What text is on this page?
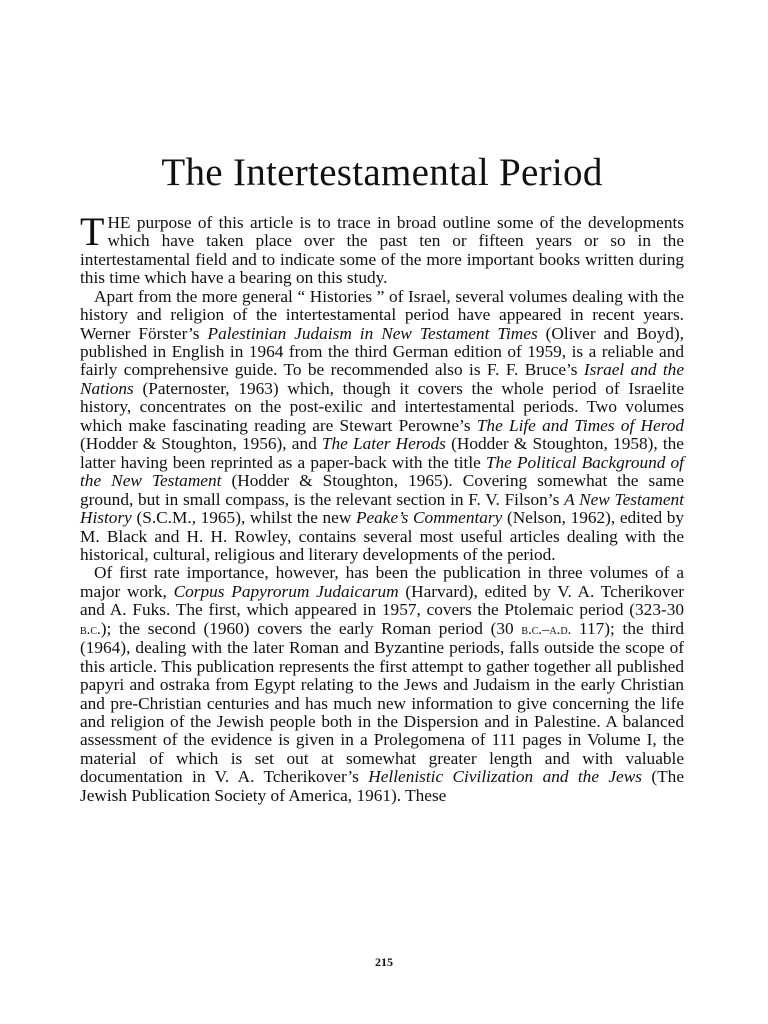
The Intertestamental Period

THE purpose of this article is to trace in broad outline some of the developments which have taken place over the past ten or fifteen years or so in the intertestamental field and to indicate some of the more important books written during this time which have a bearing on this study.

Apart from the more general “ Histories ” of Israel, several volumes dealing with the history and religion of the intertestamental period have appeared in recent years. Werner Förster’s Palestinian Judaism in New Testament Times (Oliver and Boyd), published in English in 1964 from the third German edition of 1959, is a reliable and fairly comprehensive guide. To be recommended also is F. F. Bruce’s Israel and the Nations (Paternoster, 1963) which, though it covers the whole period of Israelite history, concentrates on the post-exilic and intertestamental periods. Two volumes which make fascinating reading are Stewart Perowne’s The Life and Times of Herod (Hodder & Stoughton, 1956), and The Later Herods (Hodder & Stoughton, 1958), the latter having been reprinted as a paper-back with the title The Political Background of the New Testament (Hodder & Stoughton, 1965). Covering somewhat the same ground, but in small compass, is the relevant section in F. V. Filson’s A New Testament History (S.C.M., 1965), whilst the new Peake’s Commentary (Nelson, 1962), edited by M. Black and H. H. Rowley, contains several most useful articles dealing with the historical, cultural, religious and literary developments of the period.

Of first rate importance, however, has been the publication in three volumes of a major work, Corpus Papyrorum Judaicarum (Harvard), edited by V. A. Tcherikover and A. Fuks. The first, which appeared in 1957, covers the Ptolemaic period (323-30 b.c.); the second (1960) covers the early Roman period (30 b.c.–a.d. 117); the third (1964), dealing with the later Roman and Byzantine periods, falls outside the scope of this article. This publication represents the first attempt to gather together all published papyri and ostraka from Egypt relating to the Jews and Judaism in the early Christian and pre-Christian centuries and has much new information to give concerning the life and religion of the Jewish people both in the Dispersion and in Palestine. A balanced assessment of the evidence is given in a Prolegomena of 111 pages in Volume I, the material of which is set out at somewhat greater length and with valuable documentation in V. A. Tcherikover’s Hellenistic Civilization and the Jews (The Jewish Publication Society of America, 1961). These

215
